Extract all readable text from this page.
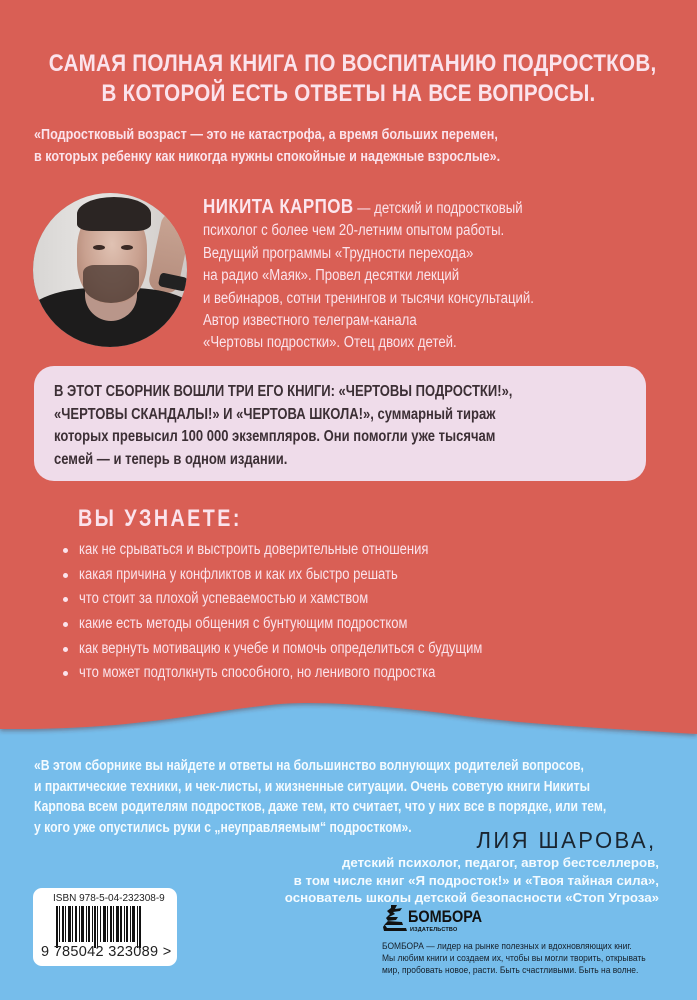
САМАЯ ПОЛНАЯ КНИГА ПО ВОСПИТАНИЮ ПОДРОСТКОВ,
В КОТОРОЙ ЕСТЬ ОТВЕТЫ НА ВСЕ ВОПРОСЫ.
«Подростковый возраст — это не катастрофа, а время больших перемен,
в которых ребенку как никогда нужны спокойные и надежные взрослые».
НИКИТА КАРПОВ — детский и подростковый
психолог с более чем 20-летним опытом работы.
Ведущий программы «Трудности перехода»
на радио «Маяк». Провел десятки лекций
и вебинаров, сотни тренингов и тысячи консультаций.
Автор известного телеграм-канала
«Чертовы подростки». Отец двоих детей.
В ЭТОТ СБОРНИК ВОШЛИ ТРИ ЕГО КНИГИ: «ЧЕРТОВЫ ПОДРОСТКИ!»,
«ЧЕРТОВЫ СКАНДАЛЫ!» И «ЧЕРТОВА ШКОЛА!», суммарный тираж
которых превысил 100 000 экземпляров. Они помогли уже тысячам
семей — и теперь в одном издании.
ВЫ УЗНАЕТЕ:
как не срываться и выстроить доверительные отношения
какая причина у конфликтов и как их быстро решать
что стоит за плохой успеваемостью и хамством
какие есть методы общения с бунтующим подростком
как вернуть мотивацию к учебе и помочь определиться с будущим
что может подтолкнуть способного, но ленивого подростка
«В этом сборнике вы найдете и ответы на большинство волнующих родителей вопросов,
и практические техники, и чек-листы, и жизненные ситуации. Очень советую книги Никиты
Карпова всем родителям подростков, даже тем, кто считает, что у них все в порядке, или тем,
у кого уже опустились руки с „неуправляемым“ подростком».	ЛИЯ ШАРОВА,
детский психолог, педагог, автор бестселлеров,
в том числе книг «Я подросток!» и «Твоя тайная сила»,
основатель школы детской безопасности «Стоп Угроза»
ISBN 978-5-04-232308-9
9 785042 323089 >
БОМБОРА
ИЗДАТЕЛЬСТВО
БОМБОРА — лидер на рынке полезных и вдохновляющих книг.
Мы любим книги и создаем их, чтобы вы могли творить, открывать
мир, пробовать новое, расти. Быть счастливыми. Быть на волне.
